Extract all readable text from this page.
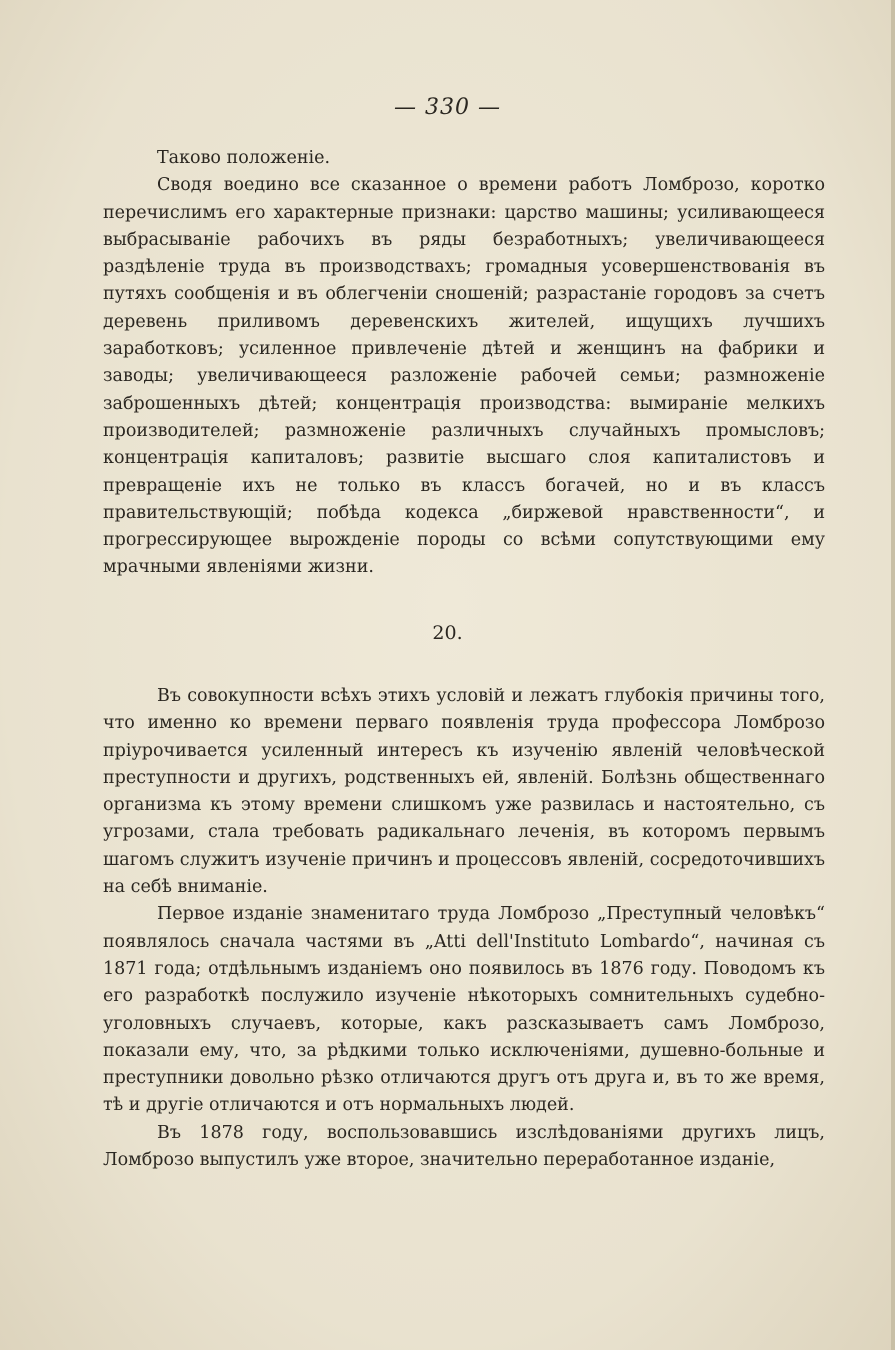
— 330 —

Таково положеніе.

Сводя воедино все сказанное о времени работъ Ломброзо, коротко перечислимъ его характерные признаки: царство машины; усиливающееся выбрасываніе рабочихъ въ ряды безработныхъ; увеличивающееся раздѣленіе труда въ производствахъ; громадныя усовершенствованія въ путяхъ сообщенія и въ облегченіи сношеній; разрастаніе городовъ за счетъ деревень приливомъ деревенскихъ жителей, ищущихъ лучшихъ заработковъ; усиленное привлеченіе дѣтей и женщинъ на фабрики и заводы; увеличивающееся разложеніе рабочей семьи; размноженіе заброшенныхъ дѣтей; концентрація производства: вымираніе мелкихъ производителей; размноженіе различныхъ случайныхъ промысловъ; концентрація капиталовъ; развитіе высшаго слоя капиталистовъ и превращеніе ихъ не только въ классъ богачей, но и въ классъ правительствующій; побѣда кодекса „биржевой нравственности“, и прогрессирующее вырожденіе породы со всѣми сопутствующими ему мрачными явленіями жизни.

20.

Въ совокупности всѣхъ этихъ условій и лежатъ глубокія причины того, что именно ко времени перваго появленія труда профессора Ломброзо пріурочивается усиленный интересъ къ изученію явленій человѣческой преступности и другихъ, родственныхъ ей, явленій. Болѣзнь общественнаго организма къ этому времени слишкомъ уже развилась и настоятельно, съ угрозами, стала требовать радикальнаго леченія, въ которомъ первымъ шагомъ служитъ изученіе причинъ и процессовъ явленій, сосредоточившихъ на себѣ вниманіе.

Первое изданіе знаменитаго труда Ломброзо „Преступный человѣкъ“ появлялось сначала частями въ „Atti dell'Instituto Lombardo“, начиная съ 1871 года; отдѣльнымъ изданіемъ оно появилось въ 1876 году. Поводомъ къ его разработкѣ послужило изученіе нѣкоторыхъ сомнительныхъ судебно-уголовныхъ случаевъ, которые, какъ разсказываетъ самъ Ломброзо, показали ему, что, за рѣдкими только исключеніями, душевно-больные и преступники довольно рѣзко отличаются другъ отъ друга и, въ то же время, тѣ и другіе отличаются и отъ нормальныхъ людей.

Въ 1878 году, воспользовавшись изслѣдованіями другихъ лицъ, Ломброзо выпустилъ уже второе, значительно переработанное изданіе,
